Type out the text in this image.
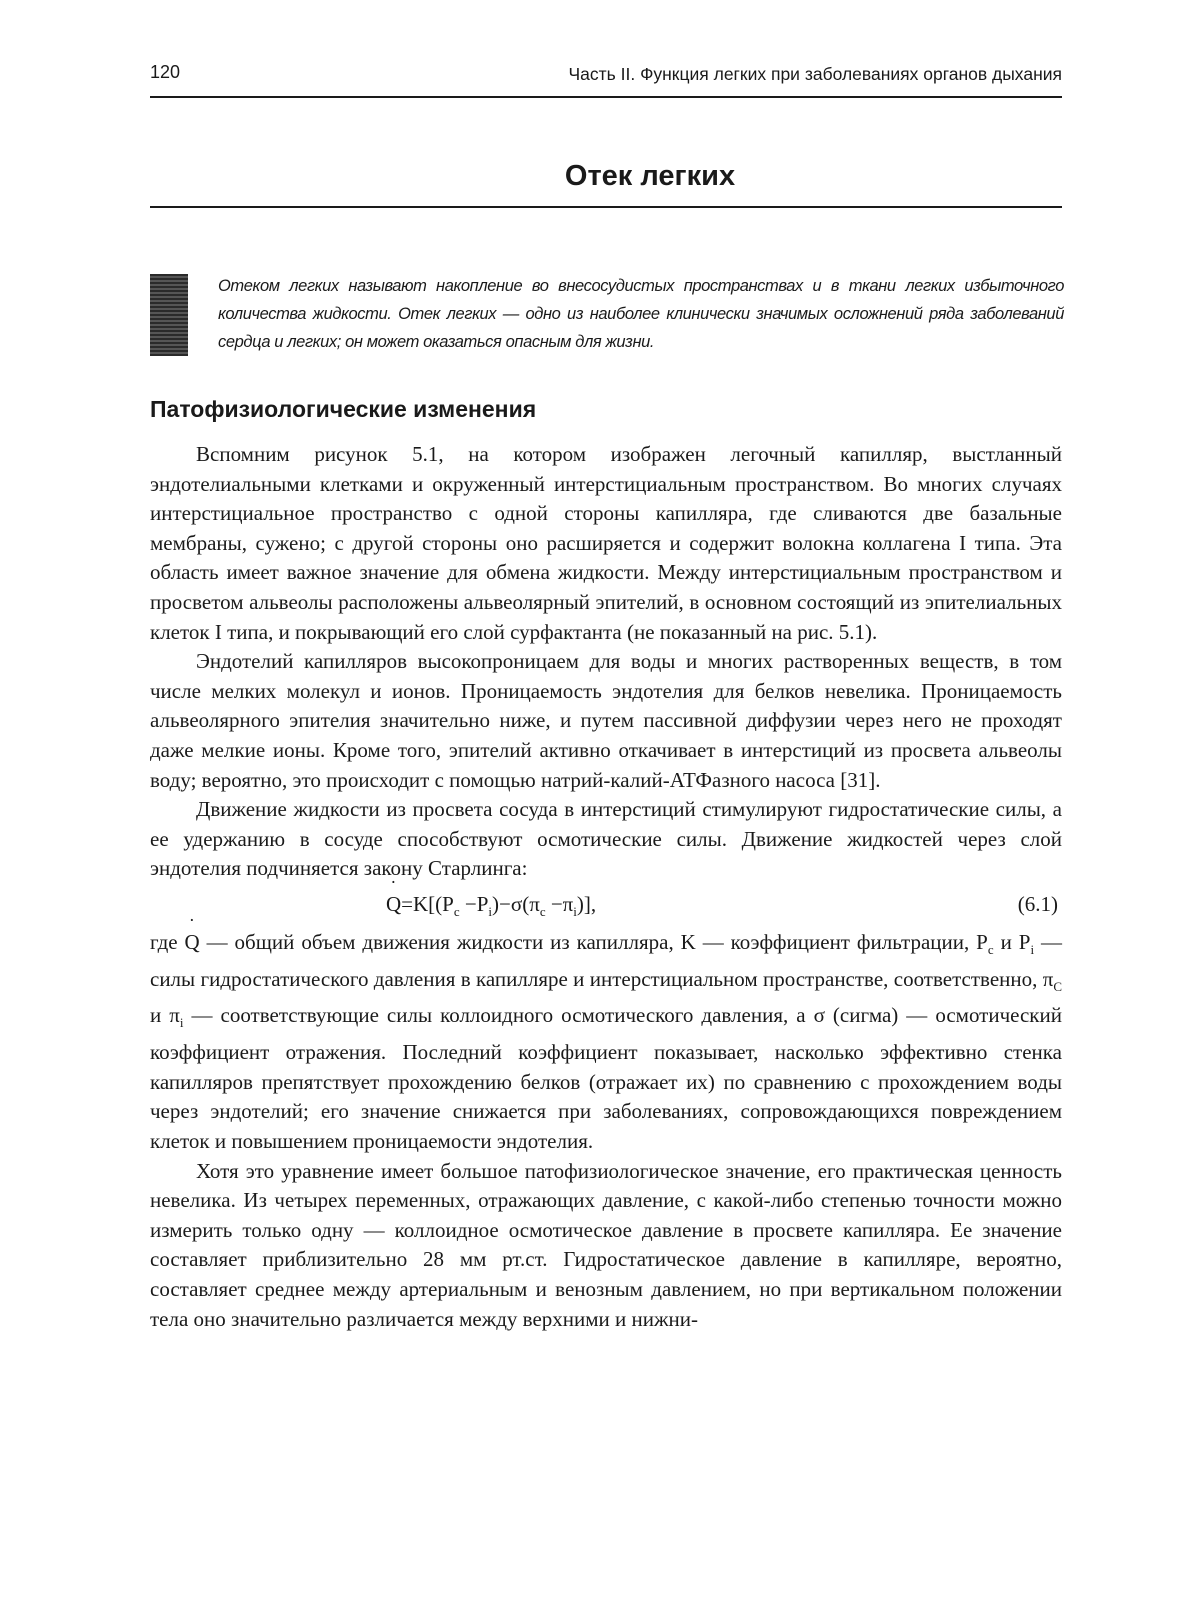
120	Часть II. Функция легких при заболеваниях органов дыхания
Отек легких
Отеком легких называют накопление во внесосудистых пространствах и в ткани легких избыточного количества жидкости. Отек легких — одно из наиболее клинически значимых осложнений ряда заболеваний сердца и легких; он может оказаться опасным для жизни.
Патофизиологические изменения

Вспомним рисунок 5.1, на котором изображен легочный капилляр, выстланный эндотелиальными клетками и окруженный интерстициальным пространством. Во многих случаях интерстициальное пространство с одной стороны капилляра, где сливаются две базальные мембраны, сужено; с другой стороны оно расширяется и содержит волокна коллагена I типа. Эта область имеет важное значение для обмена жидкости. Между интерстициальным пространством и просветом альвеолы расположены альвеолярный эпителий, в основном состоящий из эпителиальных клеток I типа, и покрывающий его слой сурфактанта (не показанный на рис. 5.1).

Эндотелий капилляров высокопроницаем для воды и многих растворенных веществ, в том числе мелких молекул и ионов. Проницаемость эндотелия для белков невелика. Проницаемость альвеолярного эпителия значительно ниже, и путем пассивной диффузии через него не проходят даже мелкие ионы. Кроме того, эпителий активно откачивает в интерстиций из просвета альвеолы воду; вероятно, это происходит с помощью натрий-калий-АТФазного насоса [31].

Движение жидкости из просвета сосуда в интерстиций стимулируют гидростатические силы, а ее удержанию в сосуде способствуют осмотические силы. Движение жидкостей через слой эндотелия подчиняется закону Старлинга:

˙ $Q=K[(P_c -P_i)-\sigma(\pi_c -\pi_i)]$,	(6.1)

где ˙ Q — общий объем движения жидкости из капилляра, K — коэффициент фильтрации, $P_c$ и $P_i$ — силы гидростатического давления в капилляре и интерстициальном пространстве, соответственно, $\pi_C$ и $\pi_i$ — соответствующие силы коллоидного осмотического давления, а σ (сигма) — осмотический коэффициент отражения. Последний коэффициент показывает, насколько эффективно стенка капилляров препятствует прохождению белков (отражает их) по сравнению с прохождением воды через эндотелий; его значение снижается при заболеваниях, сопровождающихся повреждением клеток и повышением проницаемости эндотелия.

Хотя это уравнение имеет большое патофизиологическое значение, его практическая ценность невелика. Из четырех переменных, отражающих давление, с какой-либо степенью точности можно измерить только одну — коллоидное осмотическое давление в просвете капилляра. Ее значение составляет приблизительно 28 мм рт.ст. Гидростатическое давление в капилляре, вероятно, составляет среднее между артериальным и венозным давлением, но при вертикальном положении тела оно значительно различается между верхними и нижни-
